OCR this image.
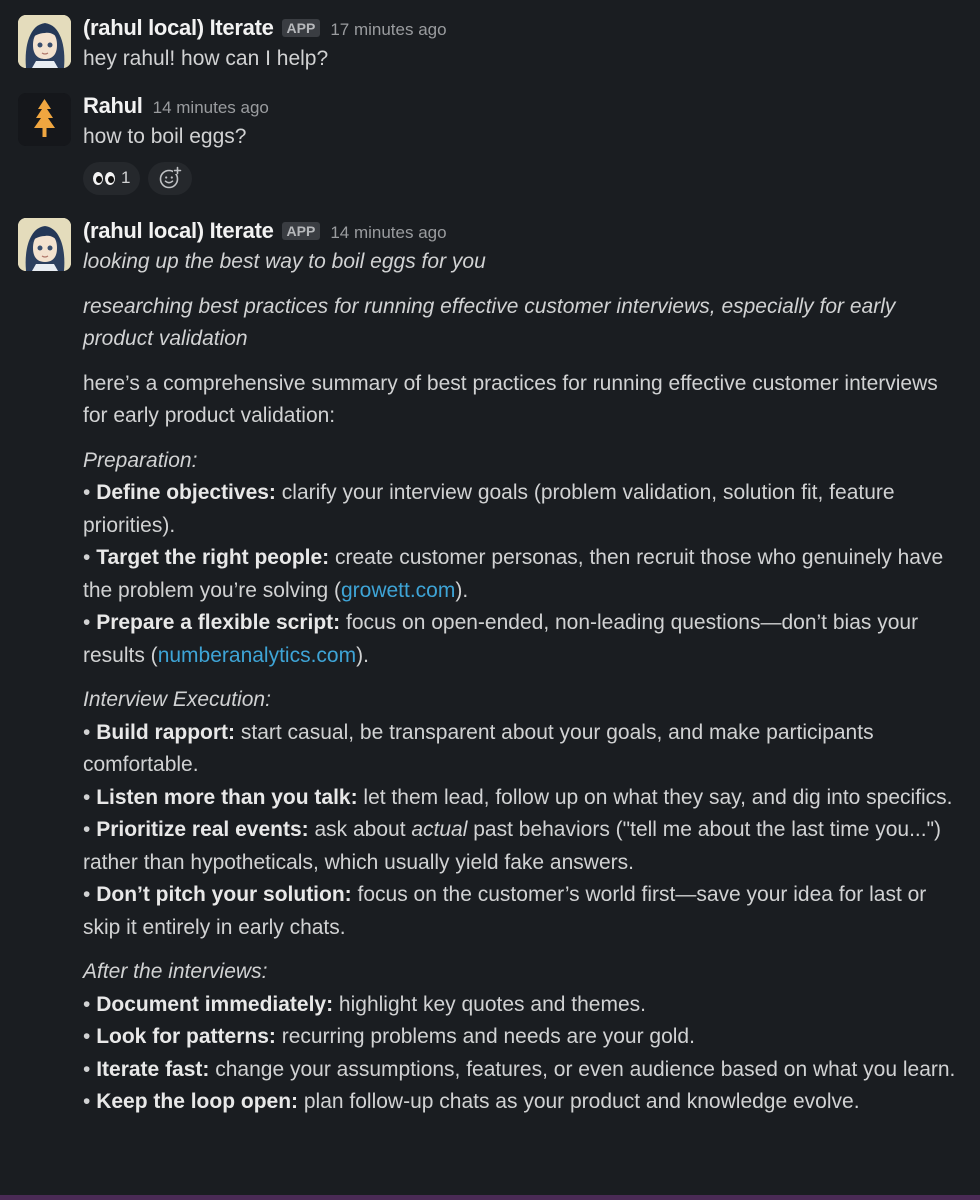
(rahul local) Iterate APP 17 minutes ago
hey rahul! how can I help?
Rahul 14 minutes ago
how to boil eggs?
1
(rahul local) Iterate APP 14 minutes ago
looking up the best way to boil eggs for you
researching best practices for running effective customer interviews, especially for early product validation
here’s a comprehensive summary of best practices for running effective customer interviews for early product validation:
Preparation:
• Define objectives: clarify your interview goals (problem validation, solution fit, feature priorities).
• Target the right people: create customer personas, then recruit those who genuinely have the problem you’re solving (growett.com).
• Prepare a flexible script: focus on open-ended, non-leading questions—don’t bias your results (numberanalytics.com).
Interview Execution:
• Build rapport: start casual, be transparent about your goals, and make participants comfortable.
• Listen more than you talk: let them lead, follow up on what they say, and dig into specifics.
• Prioritize real events: ask about actual past behaviors ("tell me about the last time you...") rather than hypotheticals, which usually yield fake answers.
• Don’t pitch your solution: focus on the customer’s world first—save your idea for last or skip it entirely in early chats.
After the interviews:
• Document immediately: highlight key quotes and themes.
• Look for patterns: recurring problems and needs are your gold.
• Iterate fast: change your assumptions, features, or even audience based on what you learn.
• Keep the loop open: plan follow-up chats as your product and knowledge evolve.
